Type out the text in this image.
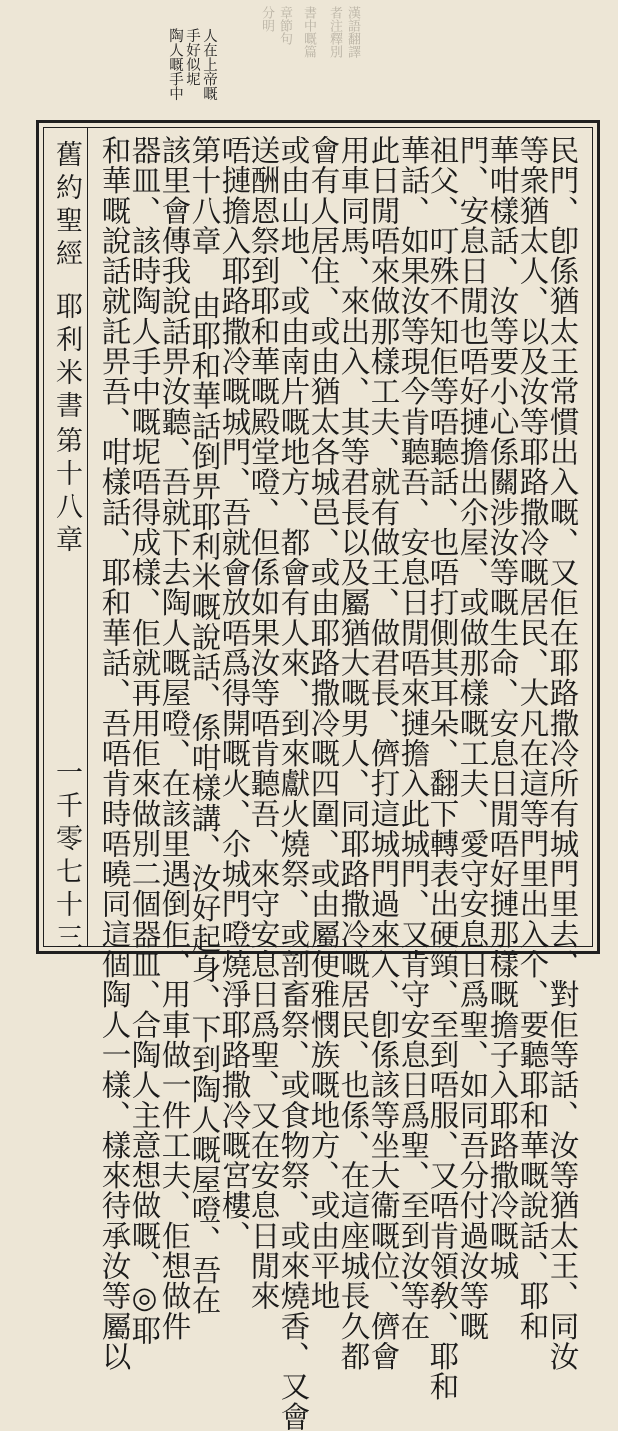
漢語翻譯
者注釋別
書中嘅篇
章節句
分明
人在上帝嘅
手好似坭
陶人嘅手中
舊約聖經
耶利米書
第十八章
一千零七十三	民門、卽係猶太王常慣出入嘅、又佢在耶路撒冷所有城門里去、對佢等話、汝等猶太王、同汝
等衆猶太人、以及汝等耶路撒冷嘅居民、大凡在這等門里出入个、要聽耶和華嘅說話、耶和
華咁樣話、汝等要小心係關涉汝等嘅生命、安息日閒唔好摙那樣嘅擔子入耶路撒冷嘅城
門、安息日閒也唔好摙擔出尒屋、或做那樣嘅工夫、愛守安息日爲聖、如同吾分付過汝等嘅
祖父、叮殊不知佢等唔聽話、也唔打側其耳朵、翻下轉表出硬頸、至到唔服、又唔肯領敎、耶和
華話、如果汝等現今肯聽吾、安息日閒唔來摙擔入此城門、又肯守安息日爲聖、至到汝等在
此日閒唔來做那樣工夫、就有做王、做君長、儕打這城門過來入、卽係該等坐大衞嘅位、儕會
用車同馬、來出入、其等君長以及屬猶大嘅男人、同耶路撒冷嘅居民、也係、在這座城長久都
會有人居住、或由猶太各城邑、或由耶路撒冷嘅四圍、或由屬便雅憫族嘅地方、或由平地
或由山地、或由南片嘅地方、都會有人來、到來獻火燒祭、或剖畜祭、或食物祭、或來燒香、又會
送酬恩祭到耶和華嘅殿堂噔、但係如果汝等唔肯聽吾、來守安息日爲聖、又在安息日閒來
唔摙擔入耶路撒冷嘅城門、吾就會放唔爲得開嘅火、尒城門噔燒淨耶路撒冷嘅宮樓、
第十八章 由耶和華話倒畀耶利米嘅說話、係咁樣講、汝好起身、下到陶人嘅屋噔、吾在
該里會傳我說話畀汝聽、吾就下去陶人嘅屋噔、在該里遇倒佢、用車做一件工夫、佢想做件
器皿、該時陶人手中嘅坭唔得成樣、佢就再用佢來做別二個器皿、合陶人主意想做嘅、◎耶
和華嘅說話就託畀吾、咁樣話、耶和華話、吾唔肯時唔曉同這個陶人一樣、樣來待承汝等屬以
